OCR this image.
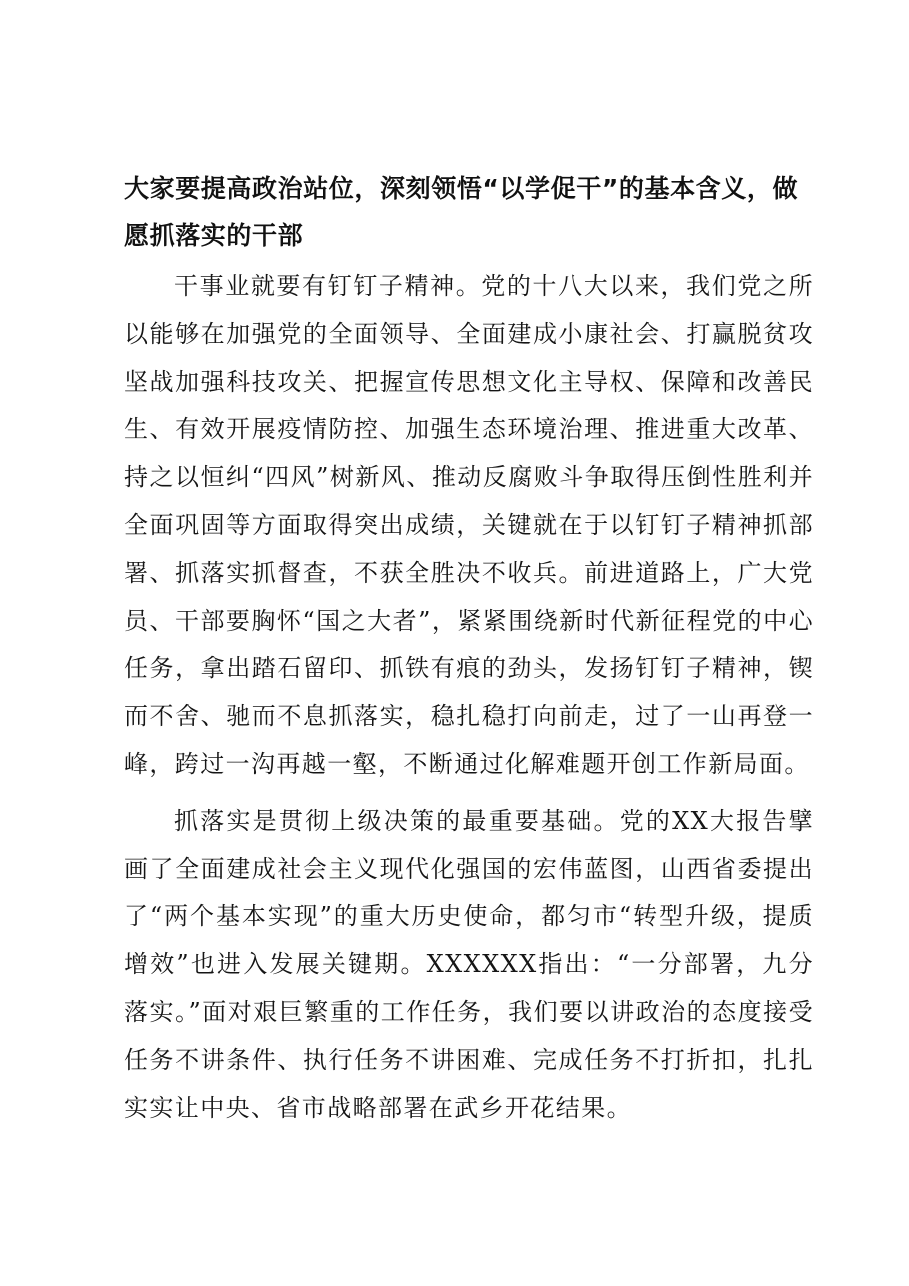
大家要提高政治站位，深刻领悟“以学促干”的基本含义，做愿抓落实的干部

干事业就要有钉钉子精神。党的十八大以来，我们党之所以能够在加强党的全面领导、全面建成小康社会、打赢脱贫攻坚战加强科技攻关、把握宣传思想文化主导权、保障和改善民生、有效开展疫情防控、加强生态环境治理、推进重大改革、持之以恒纠“四风”树新风、推动反腐败斗争取得压倒性胜利并全面巩固等方面取得突出成绩，关键就在于以钉钉子精神抓部署、抓落实抓督查，不获全胜决不收兵。前进道路上，广大党员、干部要胸怀“国之大者”，紧紧围绕新时代新征程党的中心任务，拿出踏石留印、抓铁有痕的劲头，发扬钉钉子精神，锲而不舍、驰而不息抓落实，稳扎稳打向前走，过了一山再登一峰，跨过一沟再越一壑，不断通过化解难题开创工作新局面。

抓落实是贯彻上级决策的最重要基础。党的XX大报告擘画了全面建成社会主义现代化强国的宏伟蓝图，山西省委提出了“两个基本实现”的重大历史使命，都匀市“转型升级，提质增效”也进入发展关键期。XXXXXX指出：“一分部署，九分落实。”面对艰巨繁重的工作任务，我们要以讲政治的态度接受任务不讲条件、执行任务不讲困难、完成任务不打折扣，扎扎实实让中央、省市战略部署在武乡开花结果。
